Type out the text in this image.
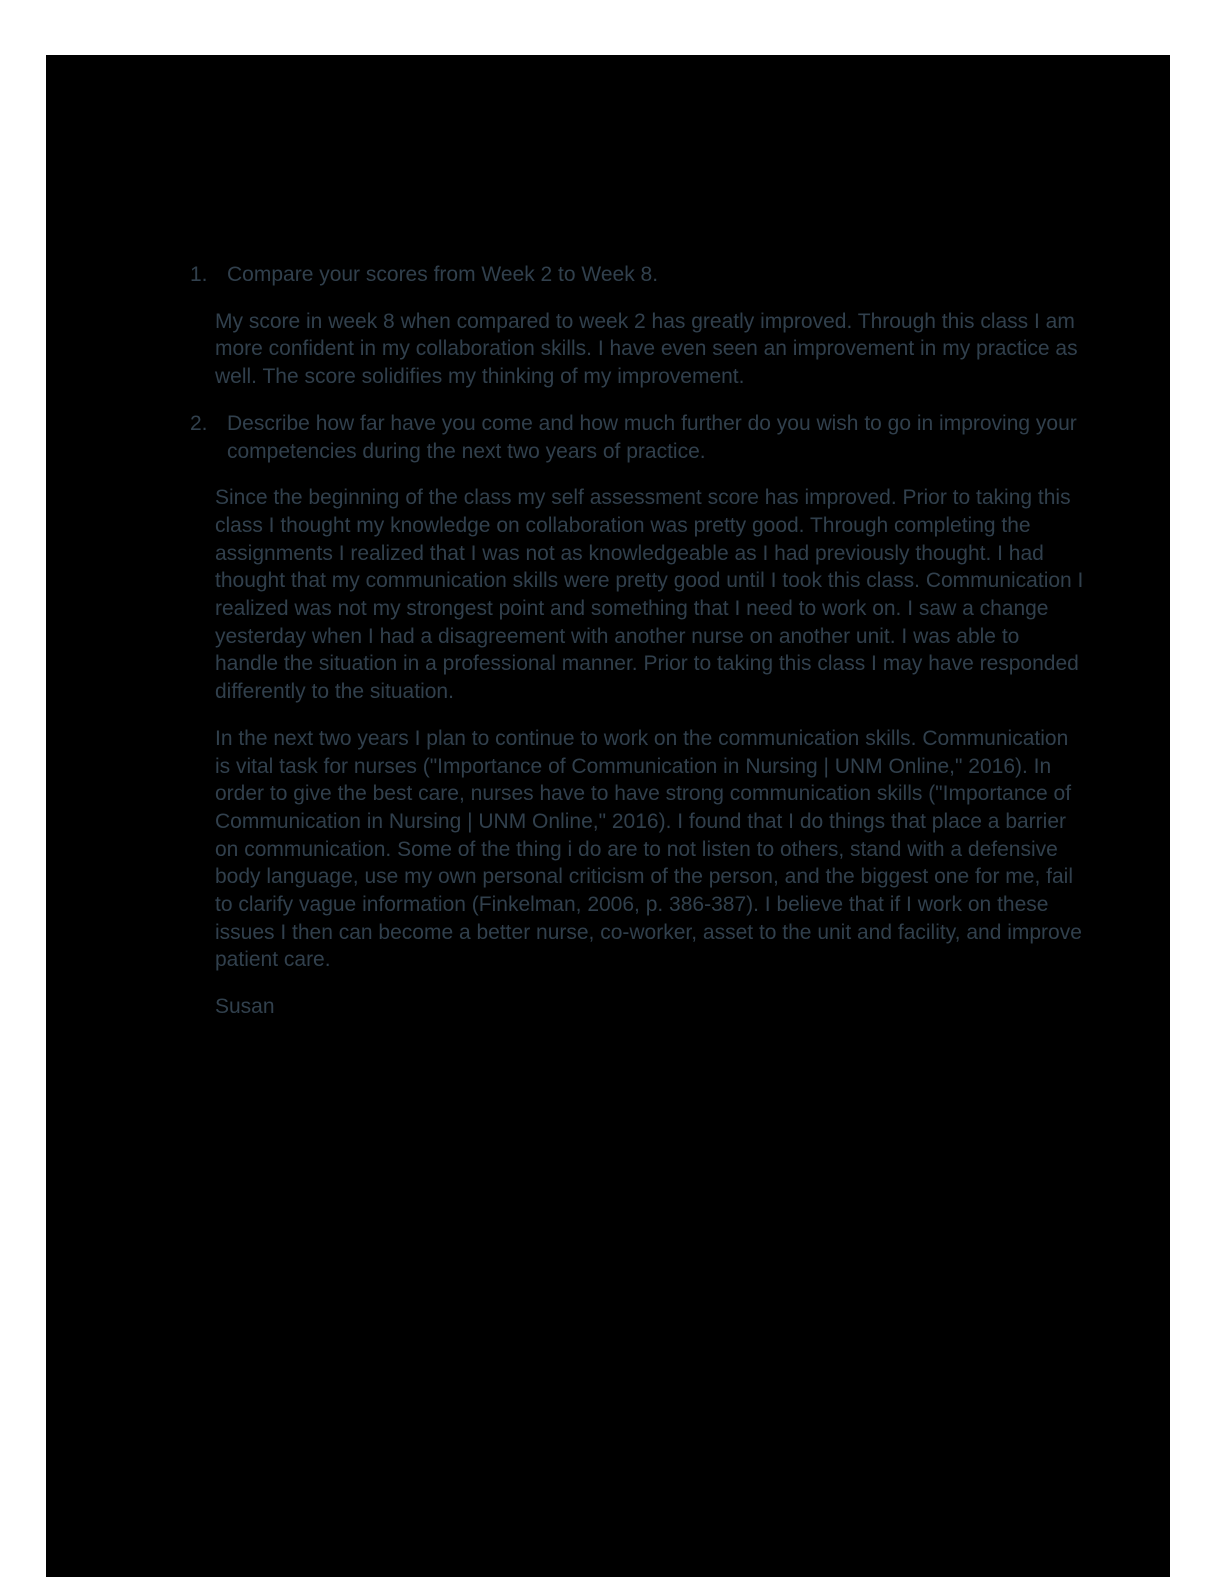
1. Compare your scores from Week 2 to Week 8.

My score in week 8 when compared to week 2 has greatly improved. Through this class I am more confident in my collaboration skills. I have even seen an improvement in my practice as well. The score solidifies my thinking of my improvement.

2. Describe how far have you come and how much further do you wish to go in improving your competencies during the next two years of practice.

Since the beginning of the class my self assessment score has improved. Prior to taking this class I thought my knowledge on collaboration was pretty good. Through completing the assignments I realized that I was not as knowledgeable as I had previously thought. I had thought that my communication skills were pretty good until I took this class. Communication I realized was not my strongest point and something that I need to work on. I saw a change yesterday when I had a disagreement with another nurse on another unit. I was able to handle the situation in a professional manner. Prior to taking this class I may have responded differently to the situation.

In the next two years I plan to continue to work on the communication skills. Communication is vital task for nurses ("Importance of Communication in Nursing | UNM Online," 2016). In order to give the best care, nurses have to have strong communication skills ("Importance of Communication in Nursing | UNM Online," 2016). I found that I do things that place a barrier on communication. Some of the thing i do are to not listen to others, stand with a defensive body language, use my own personal criticism of the person, and the biggest one for me, fail to clarify vague information (Finkelman, 2006, p. 386-387). I believe that if I work on these issues I then can become a better nurse, co-worker, asset to the unit and facility, and improve patient care.

Susan
